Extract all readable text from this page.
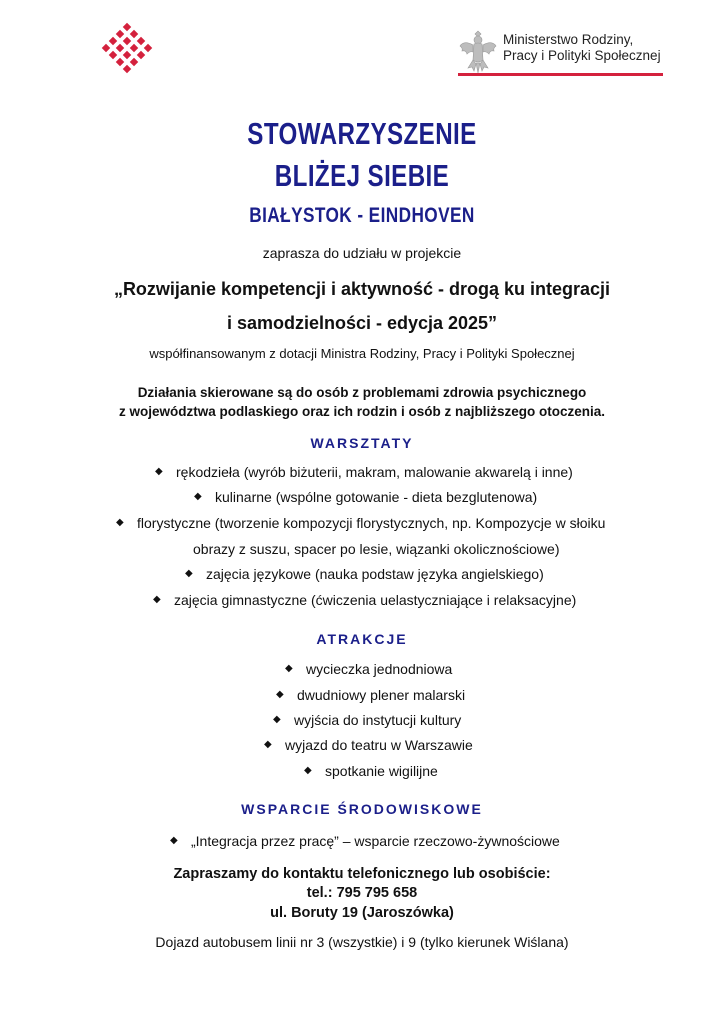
Ministerstwo Rodziny,
Pracy i Polityki Społecznej
STOWARZYSZENIE
BLIŻEJ SIEBIE
BIAŁYSTOK - EINDHOVEN
zaprasza do udziału w projekcie
„Rozwijanie kompetencji i aktywność - drogą ku integracji
i samodzielności - edycja 2025”
współfinansowanym z dotacji Ministra Rodziny, Pracy i Polityki Społecznej
Działania skierowane są do osób z problemami zdrowia psychicznego
z województwa podlaskiego oraz ich rodzin i osób z najbliższego otoczenia.
WARSZTATY
◆ rękodzieła (wyrób biżuterii, makram, malowanie akwarelą i inne)
◆ kulinarne (wspólne gotowanie - dieta bezglutenowa)
◆ florystyczne (tworzenie kompozycji florystycznych, np. Kompozycje w słoiku
obrazy z suszu, spacer po lesie, wiązanki okolicznościowe)
◆ zajęcia językowe (nauka podstaw języka angielskiego)
◆ zajęcia gimnastyczne (ćwiczenia uelastyczniające i relaksacyjne)
ATRAKCJE
◆ wycieczka jednodniowa
◆ dwudniowy plener malarski
◆ wyjścia do instytucji kultury
◆ wyjazd do teatru w Warszawie
◆ spotkanie wigilijne
WSPARCIE ŚRODOWISKOWE
◆ „Integracja przez pracę” – wsparcie rzeczowo-żywnościowe
Zapraszamy do kontaktu telefonicznego lub osobiście:
tel.: 795 795 658
ul. Boruty 19 (Jaroszówka)
Dojazd autobusem linii nr 3 (wszystkie) i 9 (tylko kierunek Wiślana)
